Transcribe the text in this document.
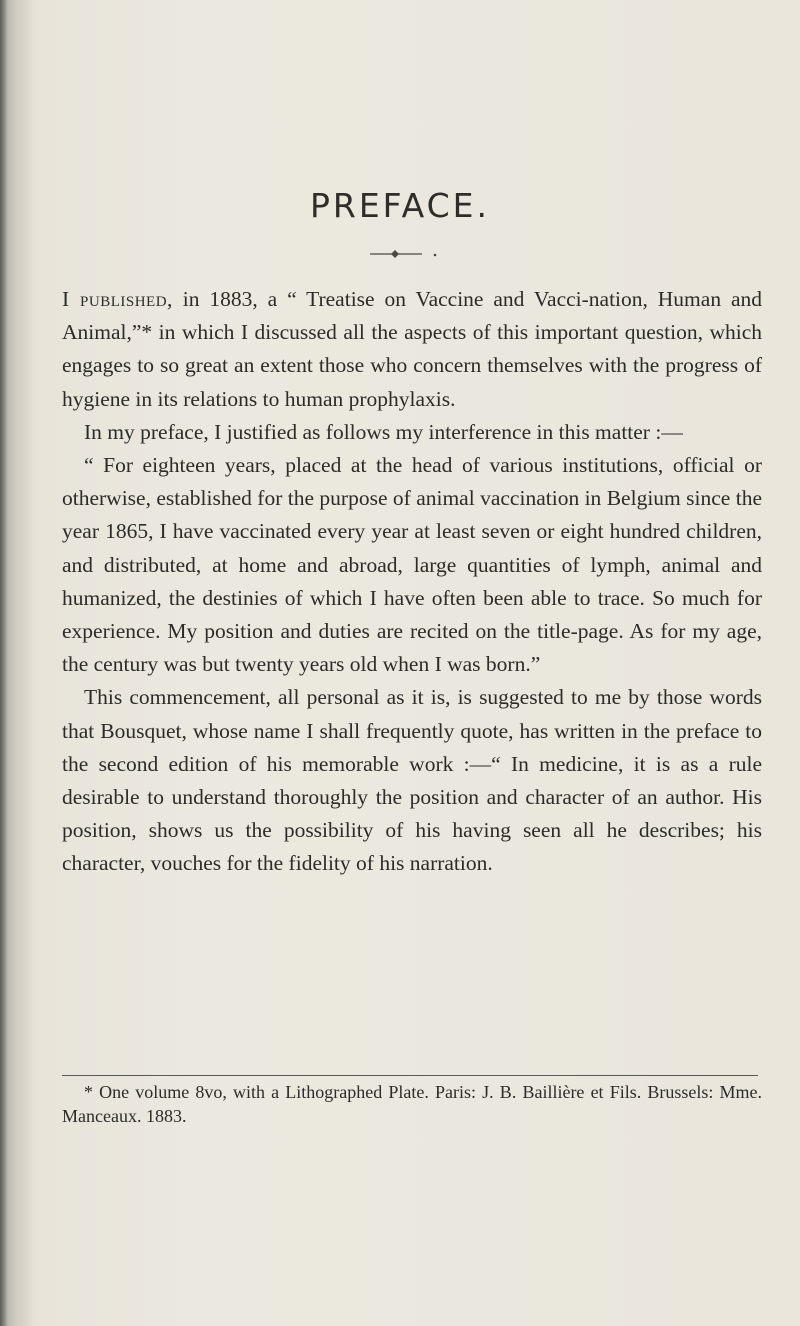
PREFACE.

I published, in 1883, a “ Treatise on Vaccine and Vacci-nation, Human and Animal,”* in which I discussed all the aspects of this important question, which engages to so great an extent those who concern themselves with the progress of hygiene in its relations to human prophylaxis.

In my preface, I justified as follows my interference in this matter :—

“ For eighteen years, placed at the head of various institutions, official or otherwise, established for the purpose of animal vaccination in Belgium since the year 1865, I have vaccinated every year at least seven or eight hundred children, and distributed, at home and abroad, large quantities of lymph, animal and humanized, the destinies of which I have often been able to trace. So much for experience. My position and duties are recited on the title-page. As for my age, the century was but twenty years old when I was born.”

This commencement, all personal as it is, is suggested to me by those words that Bousquet, whose name I shall frequently quote, has written in the preface to the second edition of his memorable work :—“ In medicine, it is as a rule desirable to understand thoroughly the position and character of an author. His position, shows us the possibility of his having seen all he describes; his character, vouches for the fidelity of his narration.

* One volume 8vo, with a Lithographed Plate. Paris: J. B. Baillière et Fils. Brussels: Mme. Manceaux. 1883.
